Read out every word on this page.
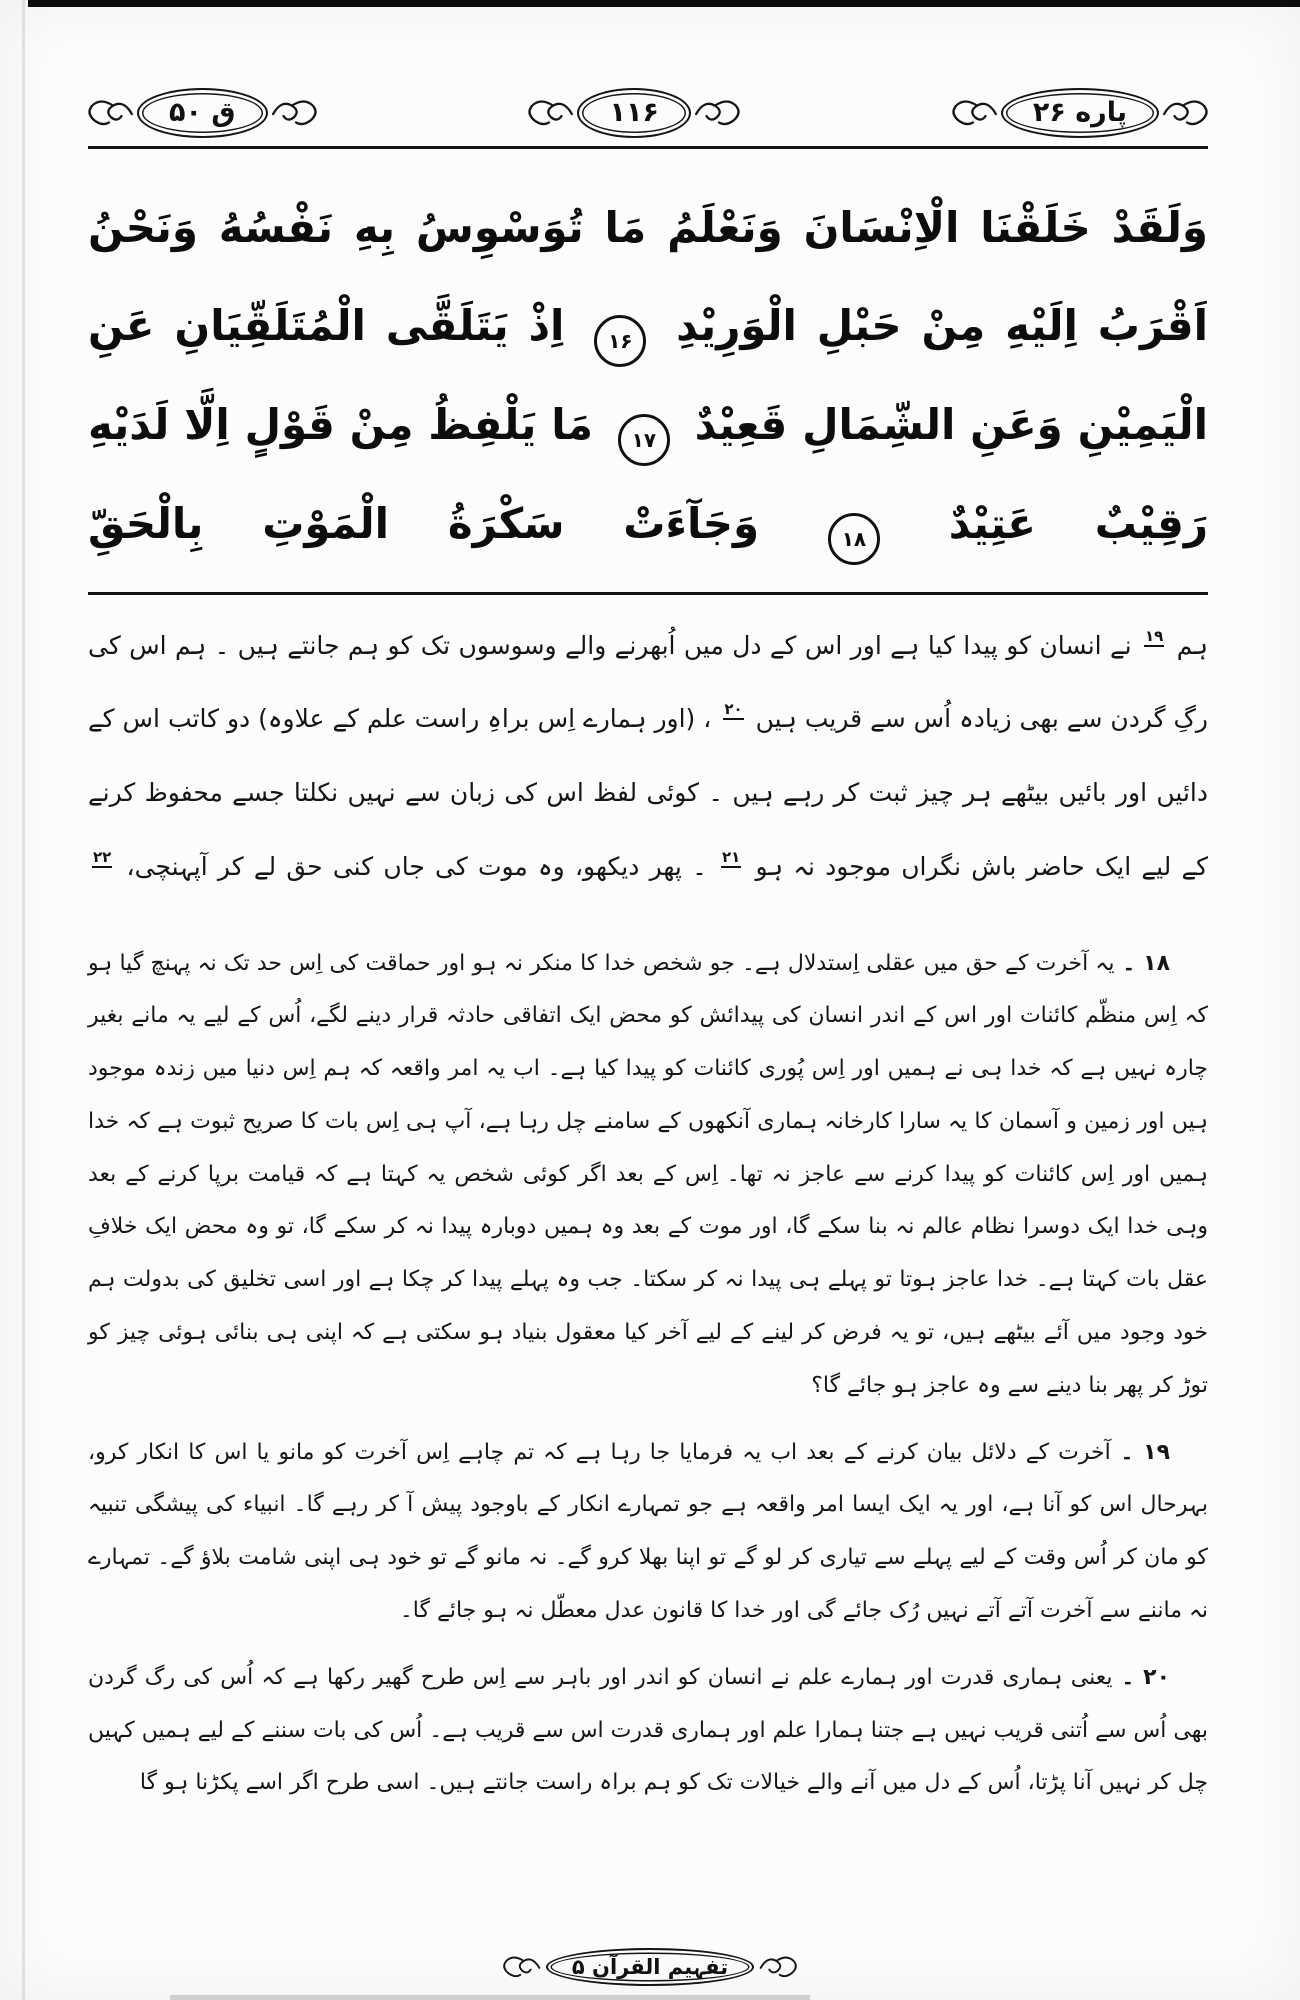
پاره ۲۶
۱۱۶
ق ۵۰
وَلَقَدْ خَلَقْنَا الْاِنْسَانَ وَنَعْلَمُ مَا تُوَسْوِسُ بِهِ نَفْسُهُ وَنَحْنُ اَقْرَبُ اِلَيْهِ مِنْ حَبْلِ الْوَرِيْدِ ۱۶ اِذْ يَتَلَقَّى الْمُتَلَقِّيَانِ عَنِ الْيَمِيْنِ وَعَنِ الشِّمَالِ قَعِيْدٌ ۱۷ مَا يَلْفِظُ مِنْ قَوْلٍ اِلَّا لَدَيْهِ رَقِيْبٌ عَتِيْدٌ ۱۸ وَجَآءَتْ سَكْرَةُ الْمَوْتِ بِالْحَقِّ
ہم ۱۹ نے انسان کو پیدا کیا ہے اور اس کے دل میں اُبھرنے والے وسوسوں تک کو ہم جانتے ہیں ۔ ہم اس کی رگِ گردن سے بھی زیادہ اُس سے قریب ہیں ۲۰ ، (اور ہمارے اِس براہِ راست علم کے علاوہ) دو کاتب اس کے دائیں اور بائیں بیٹھے ہر چیز ثبت کر رہے ہیں ۔ کوئی لفظ اس کی زبان سے نہیں نکلتا جسے محفوظ کرنے کے لیے ایک حاضر باش نگراں موجود نہ ہو ۲۱ ۔ پھر دیکھو، وہ موت کی جاں کنی حق لے کر آپہنچی، ۲۲

۱۸ ۔ یہ آخرت کے حق میں عقلی اِستدلال ہے۔ جو شخص خدا کا منکر نہ ہو اور حماقت کی اِس حد تک نہ پہنچ گیا ہو کہ اِس منظّم کائنات اور اس کے اندر انسان کی پیدائش کو محض ایک اتفاقی حادثہ قرار دینے لگے، اُس کے لیے یہ مانے بغیر چارہ نہیں ہے کہ خدا ہی نے ہمیں اور اِس پُوری کائنات کو پیدا کیا ہے۔ اب یہ امر واقعہ کہ ہم اِس دنیا میں زندہ موجود ہیں اور زمین و آسمان کا یہ سارا کارخانہ ہماری آنکھوں کے سامنے چل رہا ہے، آپ ہی اِس بات کا صریح ثبوت ہے کہ خدا ہمیں اور اِس کائنات کو پیدا کرنے سے عاجز نہ تھا۔ اِس کے بعد اگر کوئی شخص یہ کہتا ہے کہ قیامت برپا کرنے کے بعد وہی خدا ایک دوسرا نظام عالم نہ بنا سکے گا، اور موت کے بعد وہ ہمیں دوبارہ پیدا نہ کر سکے گا، تو وہ محض ایک خلافِ عقل بات کہتا ہے۔ خدا عاجز ہوتا تو پہلے ہی پیدا نہ کر سکتا۔ جب وہ پہلے پیدا کر چکا ہے اور اسی تخلیق کی بدولت ہم خود وجود میں آئے بیٹھے ہیں، تو یہ فرض کر لینے کے لیے آخر کیا معقول بنیاد ہو سکتی ہے کہ اپنی ہی بنائی ہوئی چیز کو توڑ کر پھر بنا دینے سے وہ عاجز ہو جائے گا؟

۱۹ ۔ آخرت کے دلائل بیان کرنے کے بعد اب یہ فرمایا جا رہا ہے کہ تم چاہے اِس آخرت کو مانو یا اس کا انکار کرو، بہرحال اس کو آنا ہے، اور یہ ایک ایسا امر واقعہ ہے جو تمہارے انکار کے باوجود پیش آ کر رہے گا۔ انبیاء کی پیشگی تنبیہ کو مان کر اُس وقت کے لیے پہلے سے تیاری کر لو گے تو اپنا بھلا کرو گے۔ نہ مانو گے تو خود ہی اپنی شامت بلاؤ گے۔ تمہارے نہ ماننے سے آخرت آتے آتے نہیں رُک جائے گی اور خدا کا قانون عدل معطّل نہ ہو جائے گا۔

۲۰ ۔ یعنی ہماری قدرت اور ہمارے علم نے انسان کو اندر اور باہر سے اِس طرح گھیر رکھا ہے کہ اُس کی رگ گردن بھی اُس سے اُتنی قریب نہیں ہے جتنا ہمارا علم اور ہماری قدرت اس سے قریب ہے۔ اُس کی بات سننے کے لیے ہمیں کہیں چل کر نہیں آنا پڑتا، اُس کے دل میں آنے والے خیالات تک کو ہم براہ راست جانتے ہیں۔ اسی طرح اگر اسے پکڑنا ہو گا

تفہیم القرآن ۵
